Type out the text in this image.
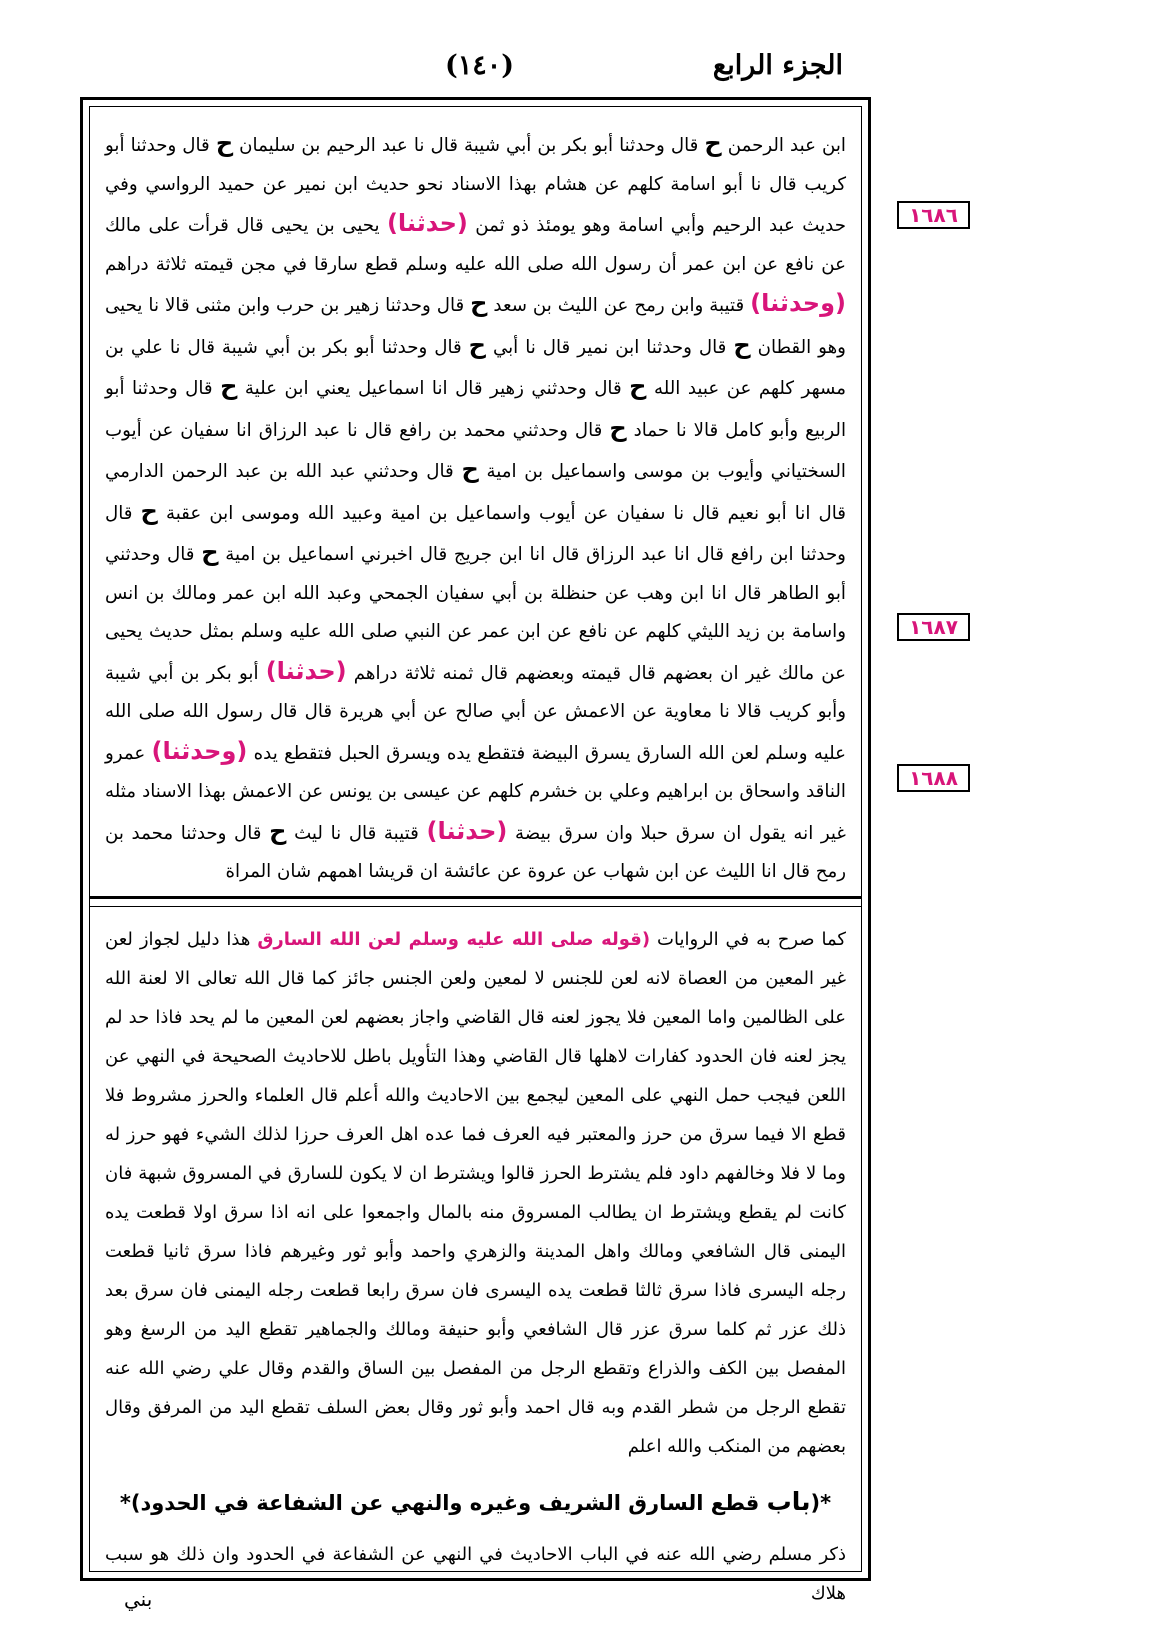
الجزء الرابع
(١٤٠)
١٦٨٦
١٦٨٧
١٦٨٨
ابن عبد الرحمن ح قال وحدثنا أبو بكر بن أبي شيبة قال نا عبد الرحيم بن سليمان ح قال وحدثنا أبو كريب قال نا أبو اسامة كلهم عن هشام بهذا الاسناد نحو حديث ابن نمير عن حميد الرواسي وفي حديث عبد الرحيم وأبي اسامة وهو يومئذ ذو ثمن (حدثنا) يحيى بن يحيى قال قرأت على مالك عن نافع عن ابن عمر أن رسول الله صلى الله عليه وسلم قطع سارقا في مجن قيمته ثلاثة دراهم (وحدثنا) قتيبة وابن رمح عن الليث بن سعد ح قال وحدثنا زهير بن حرب وابن مثنى قالا نا يحيى وهو القطان ح قال وحدثنا ابن نمير قال نا أبي ح قال وحدثنا أبو بكر بن أبي شيبة قال نا علي بن مسهر كلهم عن عبيد الله ح قال وحدثني زهير قال انا اسماعيل يعني ابن علية ح قال وحدثنا أبو الربيع وأبو كامل قالا نا حماد ح قال وحدثني محمد بن رافع قال نا عبد الرزاق انا سفيان عن أيوب السختياني وأيوب بن موسى واسماعيل بن امية ح قال وحدثني عبد الله بن عبد الرحمن الدارمي قال انا أبو نعيم قال نا سفيان عن أيوب واسماعيل بن امية وعبيد الله وموسى ابن عقبة ح قال وحدثنا ابن رافع قال انا عبد الرزاق قال انا ابن جريج قال اخبرني اسماعيل بن امية ح قال وحدثني أبو الطاهر قال انا ابن وهب عن حنظلة بن أبي سفيان الجمحي وعبد الله ابن عمر ومالك بن انس واسامة بن زيد الليثي كلهم عن نافع عن ابن عمر عن النبي صلى الله عليه وسلم بمثل حديث يحيى عن مالك غير ان بعضهم قال قيمته وبعضهم قال ثمنه ثلاثة دراهم (حدثنا) أبو بكر بن أبي شيبة وأبو كريب قالا نا معاوية عن الاعمش عن أبي صالح عن أبي هريرة قال قال رسول الله صلى الله عليه وسلم لعن الله السارق يسرق البيضة فتقطع يده ويسرق الحبل فتقطع يده (وحدثنا) عمرو الناقد واسحاق بن ابراهيم وعلي بن خشرم كلهم عن عيسى بن يونس عن الاعمش بهذا الاسناد مثله غير انه يقول ان سرق حبلا وان سرق بيضة (حدثنا) قتيبة قال نا ليث ح قال وحدثنا محمد بن رمح قال انا الليث عن ابن شهاب عن عروة عن عائشة ان قريشا اهمهم شان المراة
كما صرح به في الروايات (قوله صلى الله عليه وسلم لعن الله السارق هذا دليل لجواز لعن غير المعين من العصاة لانه لعن للجنس لا لمعين ولعن الجنس جائز كما قال الله تعالى الا لعنة الله على الظالمين واما المعين فلا يجوز لعنه قال القاضي واجاز بعضهم لعن المعين ما لم يحد فاذا حد لم يجز لعنه فان الحدود كفارات لاهلها قال القاضي وهذا التأويل باطل للاحاديث الصحيحة في النهي عن اللعن فيجب حمل النهي على المعين ليجمع بين الاحاديث والله أعلم قال العلماء والحرز مشروط فلا قطع الا فيما سرق من حرز والمعتبر فيه العرف فما عده اهل العرف حرزا لذلك الشيء فهو حرز له وما لا فلا وخالفهم داود فلم يشترط الحرز قالوا ويشترط ان لا يكون للسارق في المسروق شبهة فان كانت لم يقطع ويشترط ان يطالب المسروق منه بالمال واجمعوا على انه اذا سرق اولا قطعت يده اليمنى قال الشافعي ومالك واهل المدينة والزهري واحمد وأبو ثور وغيرهم فاذا سرق ثانيا قطعت رجله اليسرى فاذا سرق ثالثا قطعت يده اليسرى فان سرق رابعا قطعت رجله اليمنى فان سرق بعد ذلك عزر ثم كلما سرق عزر قال الشافعي وأبو حنيفة ومالك والجماهير تقطع اليد من الرسغ وهو المفصل بين الكف والذراع وتقطع الرجل من المفصل بين الساق والقدم وقال علي رضي الله عنه تقطع الرجل من شطر القدم وبه قال احمد وأبو ثور وقال بعض السلف تقطع اليد من المرفق وقال بعضهم من المنكب والله اعلم
*(باب قطع السارق الشريف وغيره والنهي عن الشفاعة في الحدود)*
ذكر مسلم رضي الله عنه في الباب الاحاديث في النهي عن الشفاعة في الحدود وان ذلك هو سبب هلاك
بني
